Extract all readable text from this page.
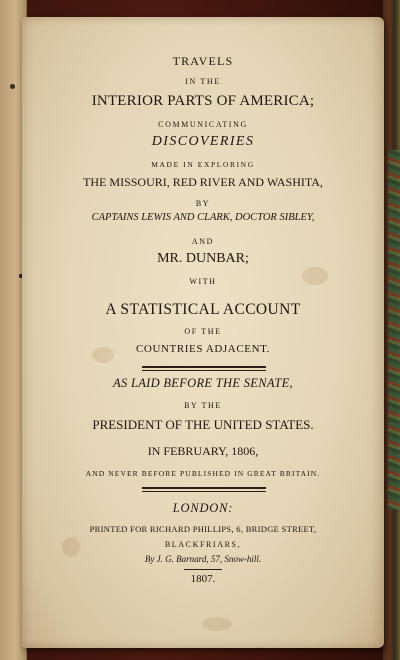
TRAVELS
IN THE
INTERIOR PARTS OF AMERICA;
COMMUNICATING
DISCOVERIES
MADE IN EXPLORING
THE MISSOURI, RED RIVER AND WASHITA,
BY
CAPTAINS LEWIS AND CLARK, DOCTOR SIBLEY,
AND
MR. DUNBAR;
WITH
A STATISTICAL ACCOUNT
OF THE
COUNTRIES ADJACENT.
AS LAID BEFORE THE SENATE,
BY THE
PRESIDENT OF THE UNITED STATES.
IN FEBRUARY, 1806,
AND NEVER BEFORE PUBLISHED IN GREAT BRITAIN.
LONDON:
PRINTED FOR RICHARD PHILLIPS, 6, BRIDGE STREET,
BLACKFRIARS,
By J. G. Barnard, 57, Snow-hill.
1807.
